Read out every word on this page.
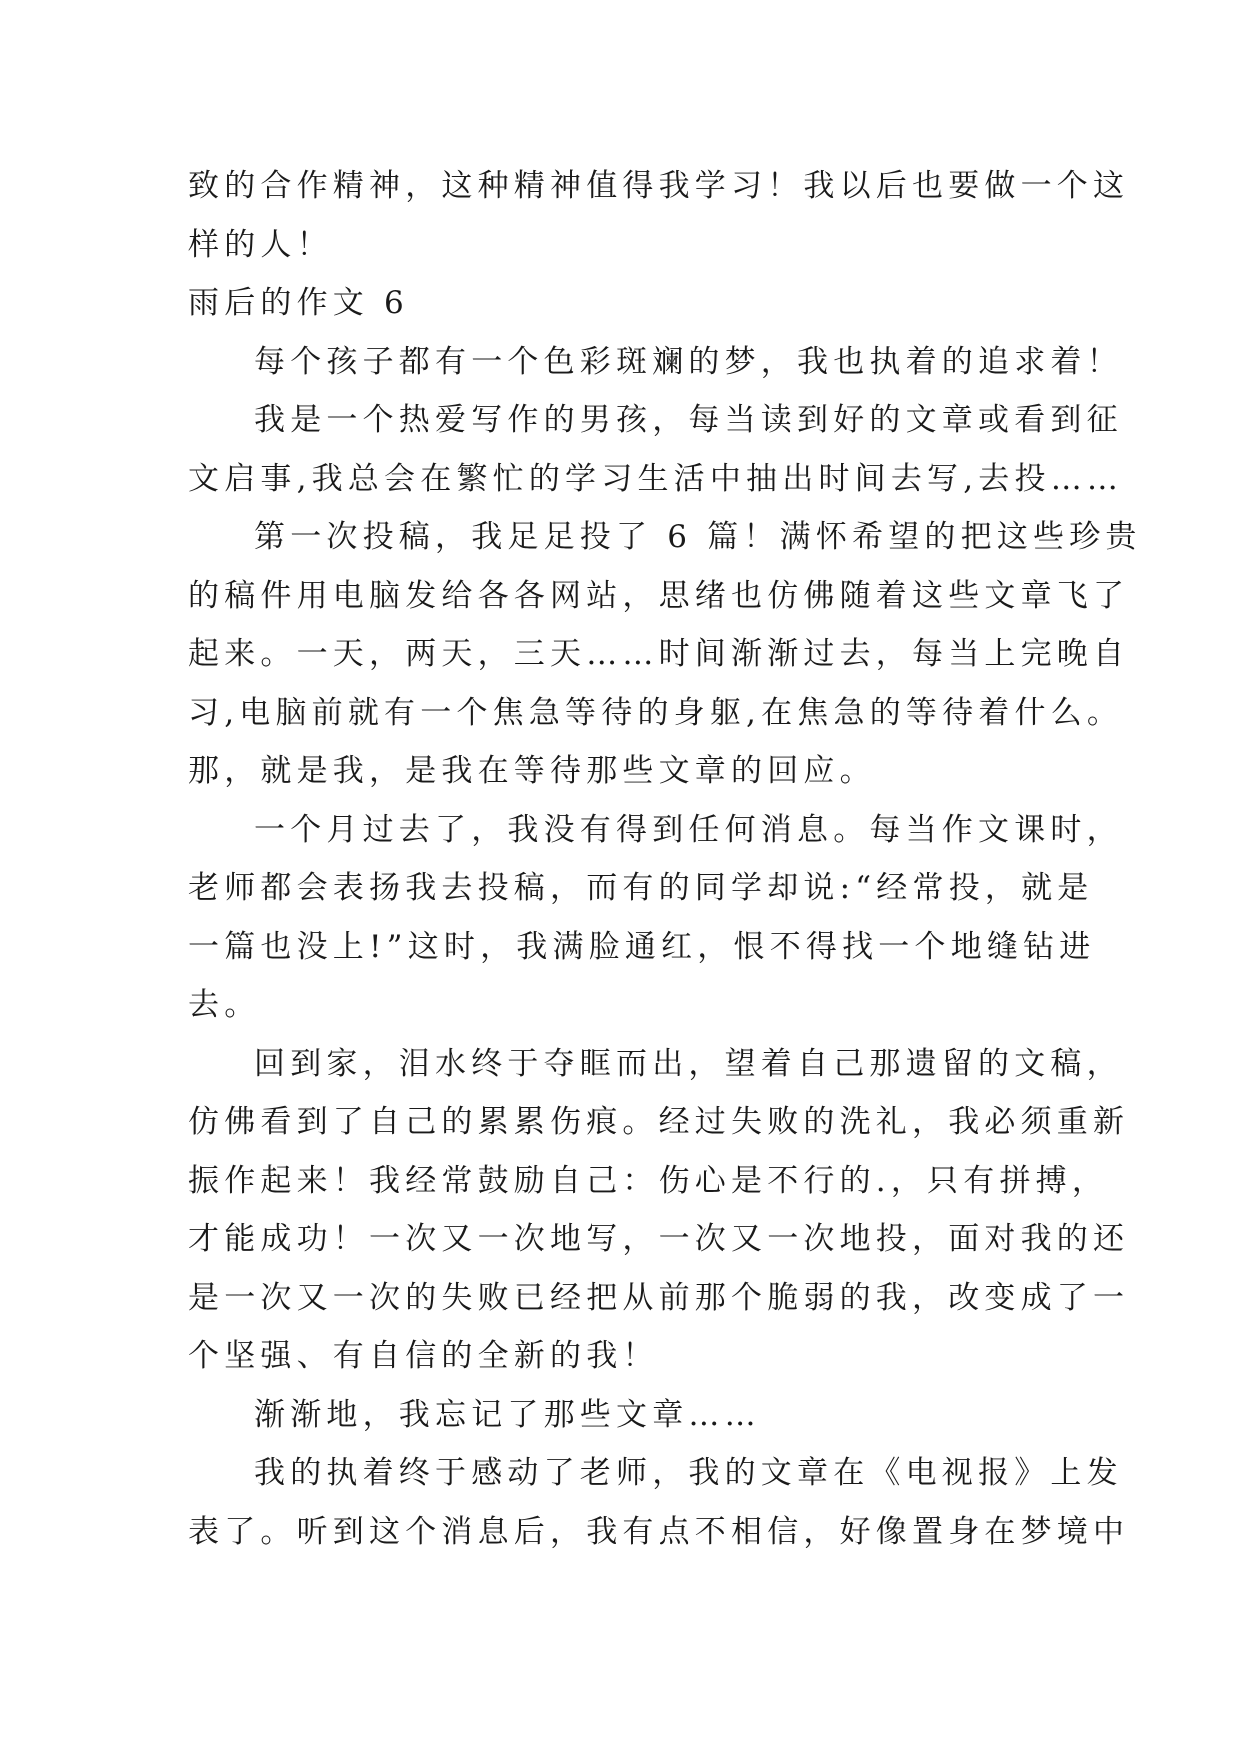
致的合作精神，这种精神值得我学习！我以后也要做一个这
样的人！
雨后的作文 6
每个孩子都有一个色彩斑斓的梦，我也执着的追求着！
我是一个热爱写作的男孩，每当读到好的文章或看到征
文启事,我总会在繁忙的学习生活中抽出时间去写,去投……
第一次投稿，我足足投了 6 篇！满怀希望的把这些珍贵
的稿件用电脑发给各各网站，思绪也仿佛随着这些文章飞了
起来。一天，两天，三天……时间渐渐过去，每当上完晚自
习,电脑前就有一个焦急等待的身躯,在焦急的等待着什么。
那，就是我，是我在等待那些文章的回应。
一个月过去了，我没有得到任何消息。每当作文课时，
老师都会表扬我去投稿，而有的同学却说:“经常投，就是
一篇也没上!”这时，我满脸通红，恨不得找一个地缝钻进
去。
回到家，泪水终于夺眶而出，望着自己那遗留的文稿，
仿佛看到了自己的累累伤痕。经过失败的洗礼，我必须重新
振作起来！我经常鼓励自己：伤心是不行的.，只有拼搏，
才能成功！一次又一次地写，一次又一次地投，面对我的还
是一次又一次的失败已经把从前那个脆弱的我，改变成了一
个坚强、有自信的全新的我！
渐渐地，我忘记了那些文章……
我的执着终于感动了老师，我的文章在《电视报》上发
表了。听到这个消息后，我有点不相信，好像置身在梦境中
